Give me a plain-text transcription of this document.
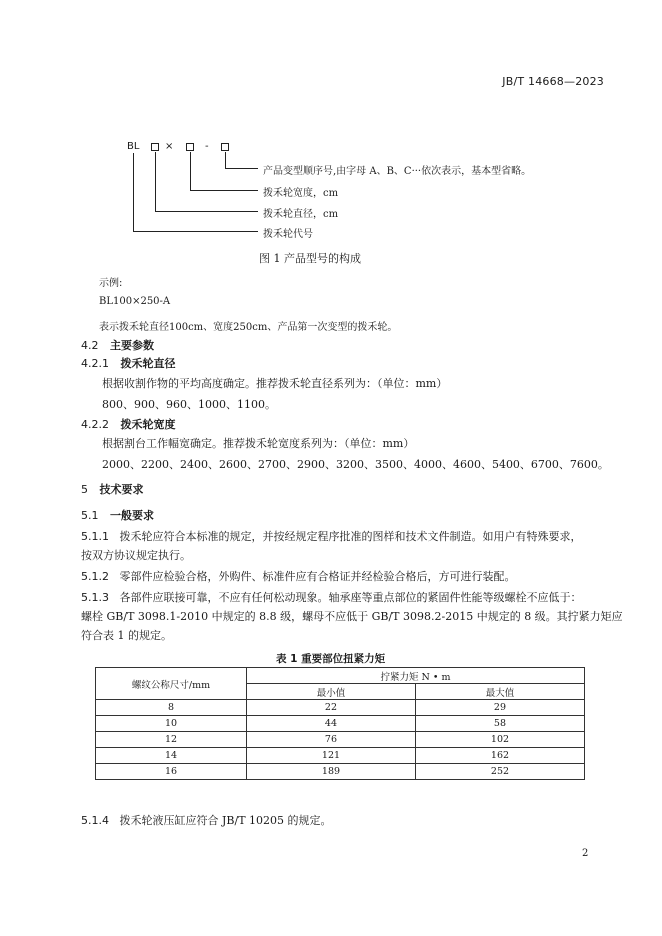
JB/T 14668—2023
BL	×	-
产品变型顺序号,由字母 A、B、C···依次表示，基本型省略。
拨禾轮宽度，cm
拨禾轮直径，cm
拨禾轮代号
图 1 产品型号的构成
示例:
BL100×250-A
表示拨禾轮直径100cm、宽度250cm、产品第一次变型的拨禾轮。
4.2 主要参数
4.2.1 拨禾轮直径
根据收割作物的平均高度确定。推荐拨禾轮直径系列为：（单位：mm）
800、900、960、1000、1100。
4.2.2 拨禾轮宽度
根据割台工作幅宽确定。推荐拨禾轮宽度系列为：（单位：mm）
2000、2200、2400、2600、2700、2900、3200、3500、4000、4600、5400、6700、7600。
5 技术要求
5.1 一般要求
5.1.1 拨禾轮应符合本标准的规定，并按经规定程序批准的图样和技术文件制造。如用户有特殊要求，
按双方协议规定执行。
5.1.2 零部件应检验合格，外购件、标准件应有合格证并经检验合格后，方可进行装配。
5.1.3 各部件应联接可靠，不应有任何松动现象。轴承座等重点部位的紧固件性能等级螺栓不应低于：
螺栓 GB/T 3098.1-2010 中规定的 8.8 级，螺母不应低于 GB/T 3098.2-2015 中规定的 8 级。其拧紧力矩应
符合表 1 的规定。
表 1 重要部位扭紧力矩
螺纹公称尺寸/mm	拧紧力矩 N • m	
	最小值	最大值
8	22	29
10	44	58
12	76	102
14	121	162
16	189	252
5.1.4 拨禾轮液压缸应符合 JB/T 10205 的规定。
2
